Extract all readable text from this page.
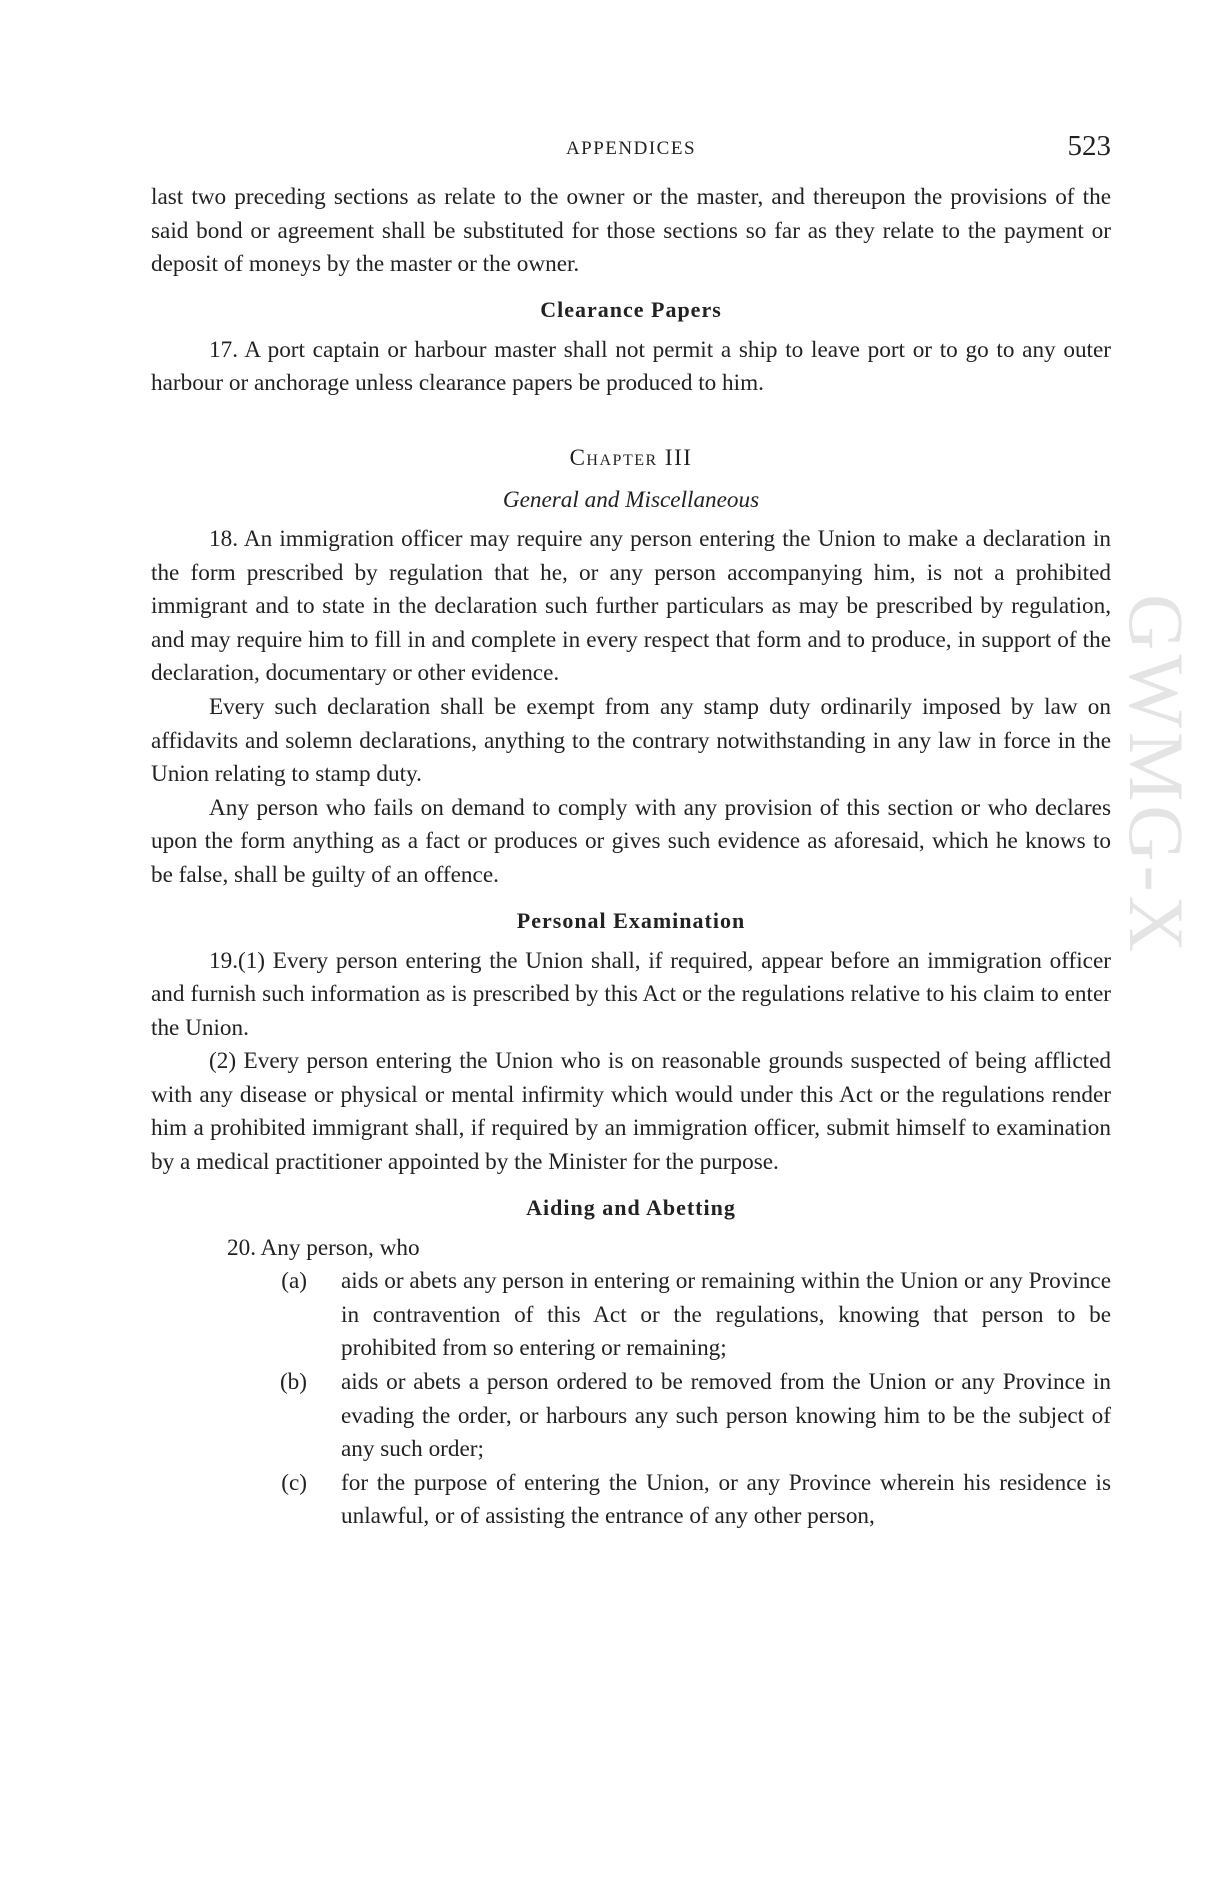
APPENDICES	523

last two preceding sections as relate to the owner or the master, and thereupon the provisions of the said bond or agreement shall be substituted for those sections so far as they relate to the payment or deposit of moneys by the master or the owner.

Clearance Papers

17. A port captain or harbour master shall not permit a ship to leave port or to go to any outer harbour or anchorage unless clearance papers be produced to him.

Chapter III
General and Miscellaneous

18. An immigration officer may require any person entering the Union to make a declaration in the form prescribed by regulation that he, or any person accompanying him, is not a prohibited immigrant and to state in the declaration such further particulars as may be prescribed by regulation, and may require him to fill in and complete in every respect that form and to produce, in support of the declaration, documentary or other evidence.

Every such declaration shall be exempt from any stamp duty ordinarily imposed by law on affidavits and solemn declarations, anything to the contrary notwithstanding in any law in force in the Union relating to stamp duty.

Any person who fails on demand to comply with any provision of this section or who declares upon the form anything as a fact or produces or gives such evidence as aforesaid, which he knows to be false, shall be guilty of an offence.

Personal Examination

19.(1) Every person entering the Union shall, if required, appear before an immigration officer and furnish such information as is prescribed by this Act or the regulations relative to his claim to enter the Union.

(2) Every person entering the Union who is on reasonable grounds suspected of being afflicted with any disease or physical or mental infirmity which would under this Act or the regulations render him a prohibited immigrant shall, if required by an immigration officer, submit himself to examination by a medical practitioner appointed by the Minister for the purpose.

Aiding and Abetting

20. Any person, who

(a)	aids or abets any person in entering or remaining within the Union or any Province in contravention of this Act or the regulations, knowing that person to be prohibited from so entering or remaining;
(b)	aids or abets a person ordered to be removed from the Union or any Province in evading the order, or harbours any such person knowing him to be the subject of any such order;
(c)	for the purpose of entering the Union, or any Province wherein his residence is unlawful, or of assisting the entrance of any other person,
GWMG-X
